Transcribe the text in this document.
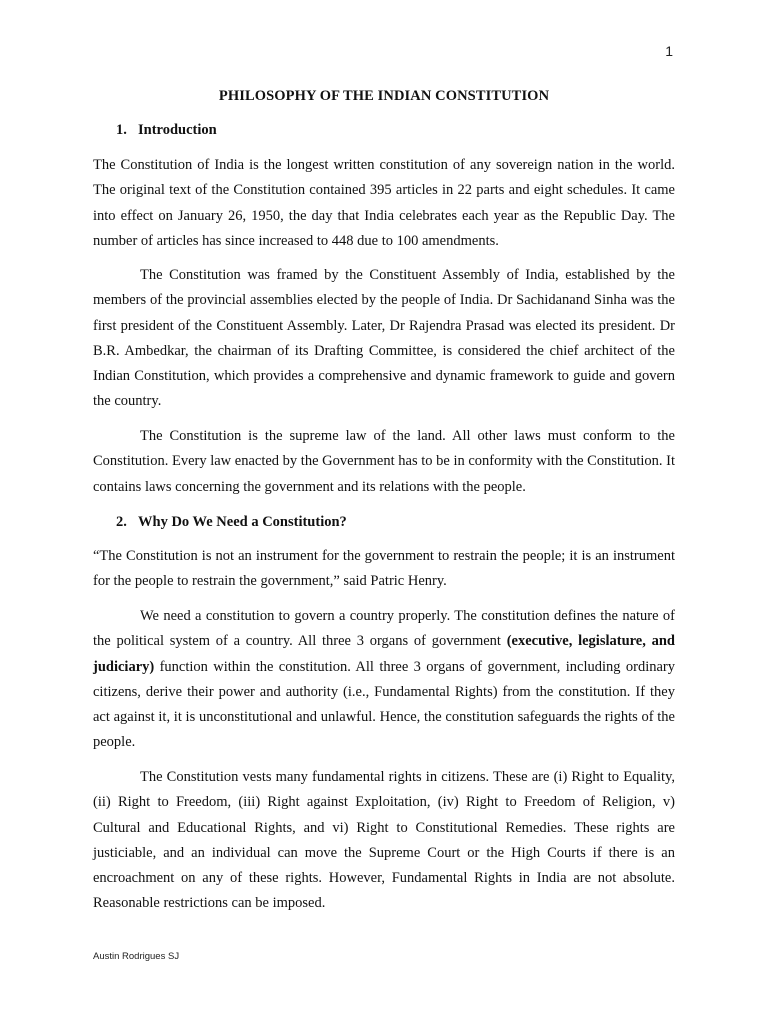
1
PHILOSOPHY OF THE INDIAN CONSTITUTION
1. Introduction

The Constitution of India is the longest written constitution of any sovereign nation in the world. The original text of the Constitution contained 395 articles in 22 parts and eight schedules. It came into effect on January 26, 1950, the day that India celebrates each year as the Republic Day. The number of articles has since increased to 448 due to 100 amendments.

The Constitution was framed by the Constituent Assembly of India, established by the members of the provincial assemblies elected by the people of India. Dr Sachidanand Sinha was the first president of the Constituent Assembly. Later, Dr Rajendra Prasad was elected its president. Dr B.R. Ambedkar, the chairman of its Drafting Committee, is considered the chief architect of the Indian Constitution, which provides a comprehensive and dynamic framework to guide and govern the country.

The Constitution is the supreme law of the land. All other laws must conform to the Constitution. Every law enacted by the Government has to be in conformity with the Constitution. It contains laws concerning the government and its relations with the people.

2. Why Do We Need a Constitution?

“The Constitution is not an instrument for the government to restrain the people; it is an instrument for the people to restrain the government,” said Patric Henry.

We need a constitution to govern a country properly. The constitution defines the nature of the political system of a country. All three 3 organs of government (executive, legislature, and judiciary) function within the constitution. All three 3 organs of government, including ordinary citizens, derive their power and authority (i.e., Fundamental Rights) from the constitution. If they act against it, it is unconstitutional and unlawful. Hence, the constitution safeguards the rights of the people.

The Constitution vests many fundamental rights in citizens. These are (i) Right to Equality, (ii) Right to Freedom, (iii) Right against Exploitation, (iv) Right to Freedom of Religion, v) Cultural and Educational Rights, and vi) Right to Constitutional Remedies. These rights are justiciable, and an individual can move the Supreme Court or the High Courts if there is an encroachment on any of these rights. However, Fundamental Rights in India are not absolute. Reasonable restrictions can be imposed.

Austin Rodrigues SJ
